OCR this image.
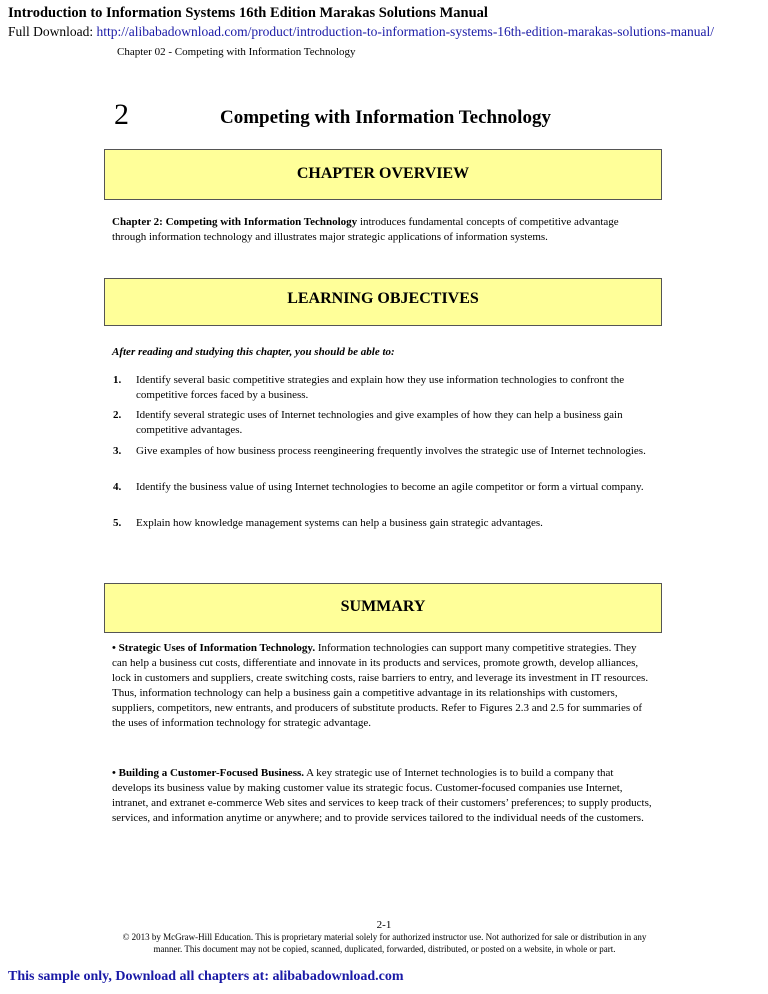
Introduction to Information Systems 16th Edition Marakas Solutions Manual
Full Download: http://alibabadownload.com/product/introduction-to-information-systems-16th-edition-marakas-solutions-manual/
Chapter 02 - Competing with Information Technology
2	Competing with Information Technology
CHAPTER OVERVIEW
Chapter 2: Competing with Information Technology introduces fundamental concepts of competitive advantage through information technology and illustrates major strategic applications of information systems.
LEARNING OBJECTIVES
After reading and studying this chapter, you should be able to:
1. Identify several basic competitive strategies and explain how they use information technologies to confront the competitive forces faced by a business.
2. Identify several strategic uses of Internet technologies and give examples of how they can help a business gain competitive advantages.
3. Give examples of how business process reengineering frequently involves the strategic use of Internet technologies.
4. Identify the business value of using Internet technologies to become an agile competitor or form a virtual company.
5. Explain how knowledge management systems can help a business gain strategic advantages.
SUMMARY
• Strategic Uses of Information Technology. Information technologies can support many competitive strategies. They can help a business cut costs, differentiate and innovate in its products and services, promote growth, develop alliances, lock in customers and suppliers, create switching costs, raise barriers to entry, and leverage its investment in IT resources. Thus, information technology can help a business gain a competitive advantage in its relationships with customers, suppliers, competitors, new entrants, and producers of substitute products. Refer to Figures 2.3 and 2.5 for summaries of the uses of information technology for strategic advantage.
• Building a Customer-Focused Business. A key strategic use of Internet technologies is to build a company that develops its business value by making customer value its strategic focus. Customer-focused companies use Internet, intranet, and extranet e-commerce Web sites and services to keep track of their customers’ preferences; to supply products, services, and information anytime or anywhere; and to provide services tailored to the individual needs of the customers.
2-1
© 2013 by McGraw-Hill Education. This is proprietary material solely for authorized instructor use. Not authorized for sale or distribution in any manner. This document may not be copied, scanned, duplicated, forwarded, distributed, or posted on a website, in whole or part.
This sample only, Download all chapters at: alibabadownload.com
